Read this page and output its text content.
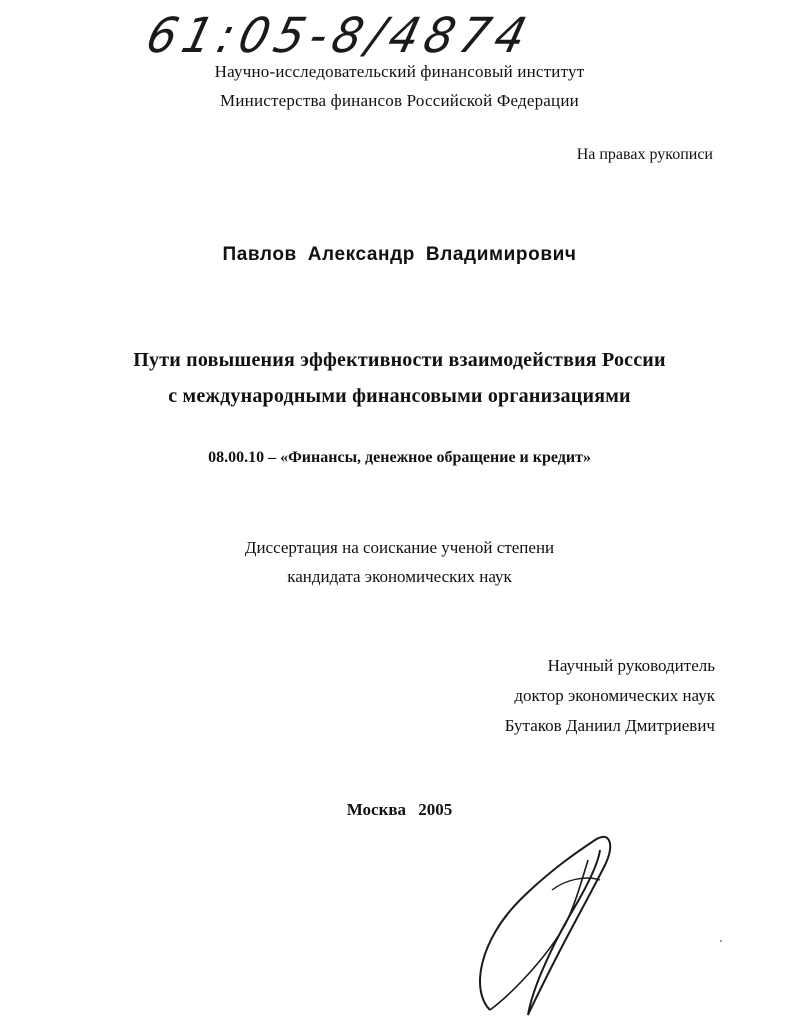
61:05-8/4874
Научно-исследовательский финансовый институт
Министерства финансов Российской Федерации
На правах рукописи
Павлов Александр Владимирович
Пути повышения эффективности взаимодействия России
с международными финансовыми организациями
08.00.10 – «Финансы, денежное обращение и кредит»
Диссертация на соискание ученой степени
кандидата экономических наук
Научный руководитель
доктор экономических наук
Бутаков Даниил Дмитриевич
Москва 2005
